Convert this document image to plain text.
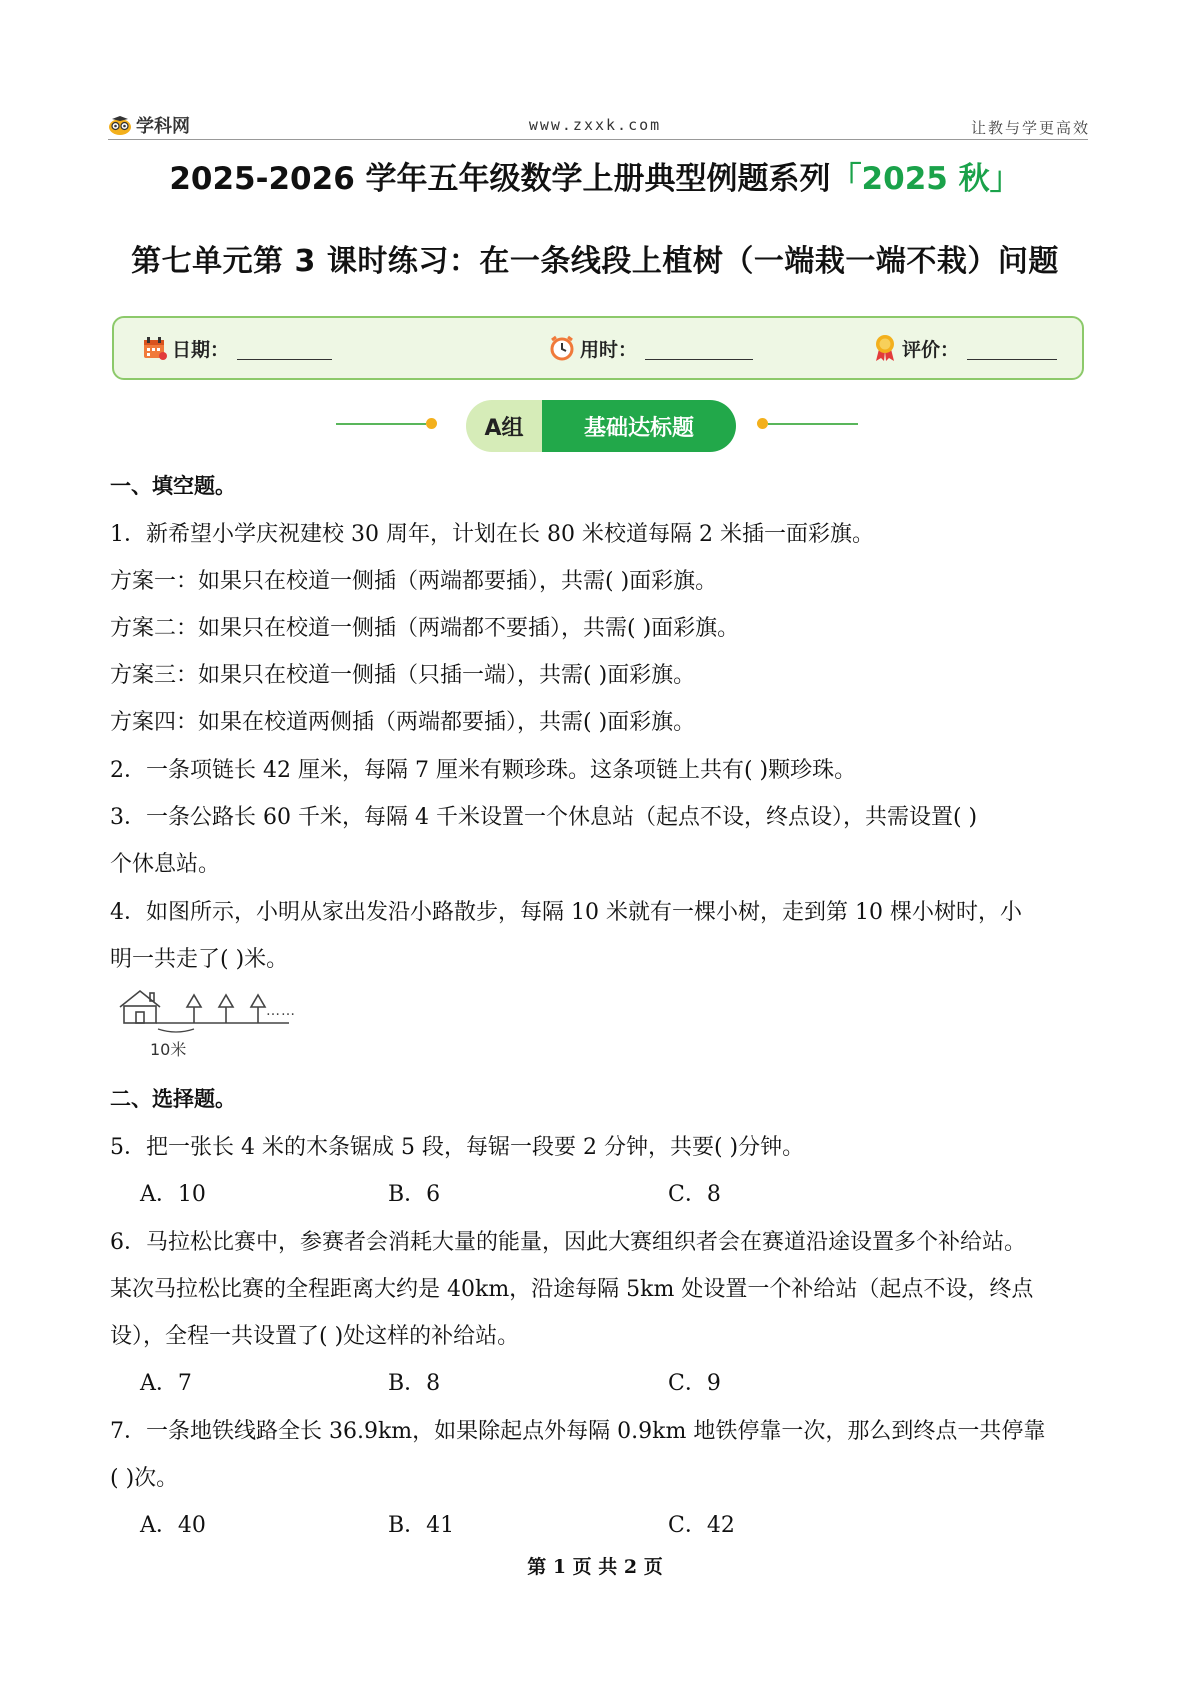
学科网	www.zxxk.com	让教与学更高效
2025-2026 学年五年级数学上册典型例题系列「2025 秋」
第七单元第 3 课时练习：在一条线段上植树（一端栽一端不栽）问题
日期：	用时：	评价：
A组	基础达标题
一、填空题。
1．新希望小学庆祝建校 30 周年，计划在长 80 米校道每隔 2 米插一面彩旗。
方案一：如果只在校道一侧插（两端都要插），共需( )面彩旗。
方案二：如果只在校道一侧插（两端都不要插），共需( )面彩旗。
方案三：如果只在校道一侧插（只插一端），共需( )面彩旗。
方案四：如果在校道两侧插（两端都要插），共需( )面彩旗。
2．一条项链长 42 厘米，每隔 7 厘米有颗珍珠。这条项链上共有( )颗珍珠。
3．一条公路长 60 千米，每隔 4 千米设置一个休息站（起点不设，终点设），共需设置( )
个休息站。
4．如图所示，小明从家出发沿小路散步，每隔 10 米就有一棵小树，走到第 10 棵小树时，小
明一共走了( )米。
……
10米
二、选择题。
5．把一张长 4 米的木条锯成 5 段，每锯一段要 2 分钟，共要( )分钟。
A．10	B．6	C．8
6．马拉松比赛中，参赛者会消耗大量的能量，因此大赛组织者会在赛道沿途设置多个补给站。
某次马拉松比赛的全程距离大约是 40km，沿途每隔 5km 处设置一个补给站（起点不设，终点
设），全程一共设置了( )处这样的补给站。
A．7	B．8	C．9
7．一条地铁线路全长 36.9km，如果除起点外每隔 0.9km 地铁停靠一次，那么到终点一共停靠
( )次。
A．40	B．41	C．42
第 1 页 共 2 页
